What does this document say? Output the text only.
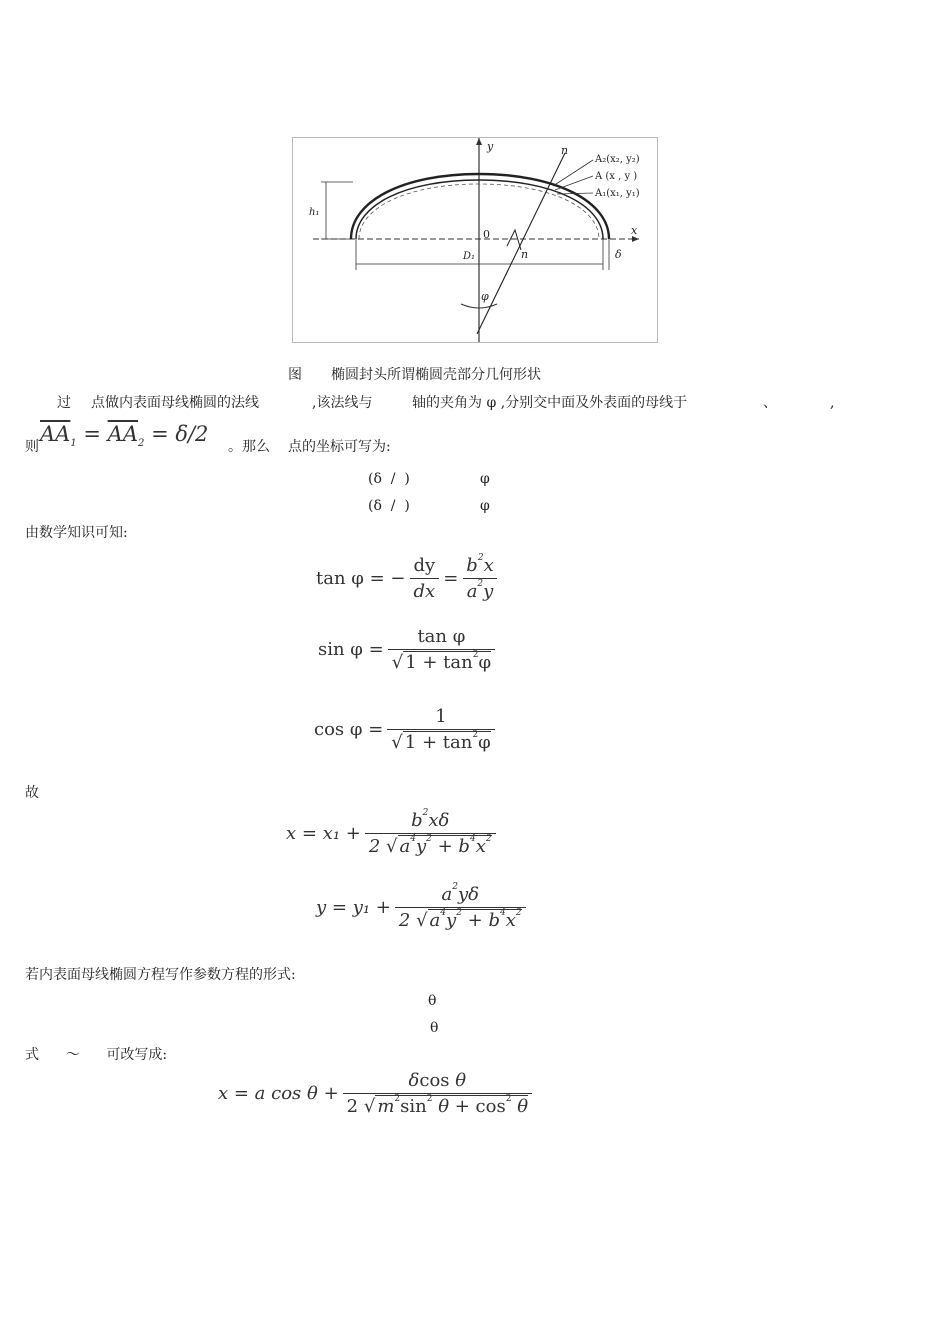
y
x
0
n
n
A₂(x₂, y₂)
A (x , y )
A₁(x₁, y₁)
h₁
D₁	δ
φ
图 椭圆封头所谓椭圆壳部分几何形状
过 点做内表面母线椭圆的法线	,该法线与	轴的夹角为 φ ,分别交中面及外表面的母线于	、	,
则
$\overline{AA}_1 = \overline{AA}_2 = \delta/2$
。那么 点的坐标可写为:
(δ  /  )	φ
(δ  /  )	φ
由数学知识可知:
tan φ = − $\frac{dy}{dx} = \frac{b^2x}{a^2y}$
$\sin \varphi = \frac{\text{tan φ}}{√ 1 + \tan^2\varphi}$
$\cos \varphi = \frac{1}{√ 1 + \tan^2\varphi}$
故
$x = x_1 + \frac{b^2x\delta}{2 √ a^4y^2 + b^4x^2}$
$y = y_1 + \frac{a^2y\delta}{2 √ a^4y^2 + b^4x^2}$
若内表面母线椭圆方程写作参数方程的形式:
θ
θ
式      ～      可改写成:
x = a $\cos \theta + \frac{\text{δcos θ}}{2 √ m^2\sin^2 \theta + \cos^2 \theta}$
